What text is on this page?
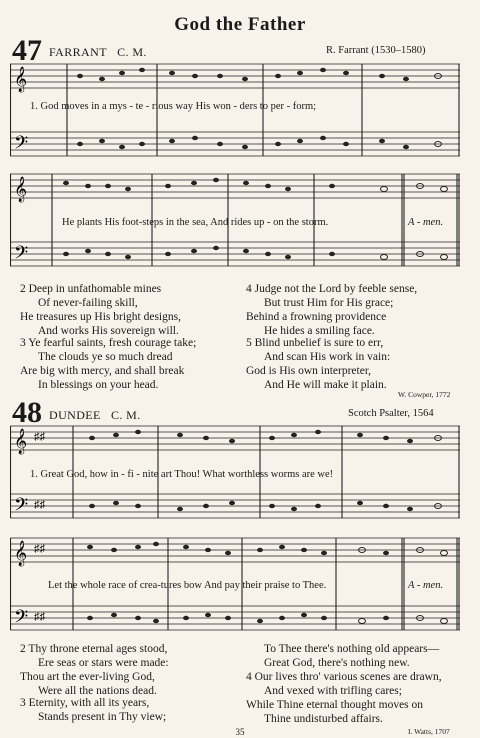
God the Father
47 FARRANT C. M.	R. Farrant (1530–1580)
𝄞
𝄢
1. God moves in a mys - te - rious way His won - ders to per - form;
𝄞
𝄢
He plants His foot-steps in the sea, And rides up - on the storm.	A - men.
2 Deep in unfathomable mines
Of never-failing skill,
He treasures up His bright designs,
And works His sovereign will.
3 Ye fearful saints, fresh courage take;
The clouds ye so much dread
Are big with mercy, and shall break
In blessings on your head.
4 Judge not the Lord by feeble sense,
But trust Him for His grace;
Behind a frowning providence
He hides a smiling face.
5 Blind unbelief is sure to err,
And scan His work in vain:
God is His own interpreter,
And He will make it plain.
W. Cowper, 1772
48 DUNDEE C. M.	Scotch Psalter, 1564
𝄞
𝄢
♯♯
♯♯
1. Great God, how in - fi - nite art Thou! What worthless worms are we!
𝄞
𝄢
♯♯
♯♯
Let the whole race of crea-tures bow And pay their praise to Thee.	A - men.
2 Thy throne eternal ages stood,
Ere seas or stars were made:
Thou art the ever-living God,
Were all the nations dead.
3 Eternity, with all its years,
Stands present in Thy view;
To Thee there's nothing old appears—
Great God, there's nothing new.
4 Our lives thro' various scenes are drawn,
And vexed with trifling cares;
While Thine eternal thought moves on
Thine undisturbed affairs.
I. Watts, 1707
35
